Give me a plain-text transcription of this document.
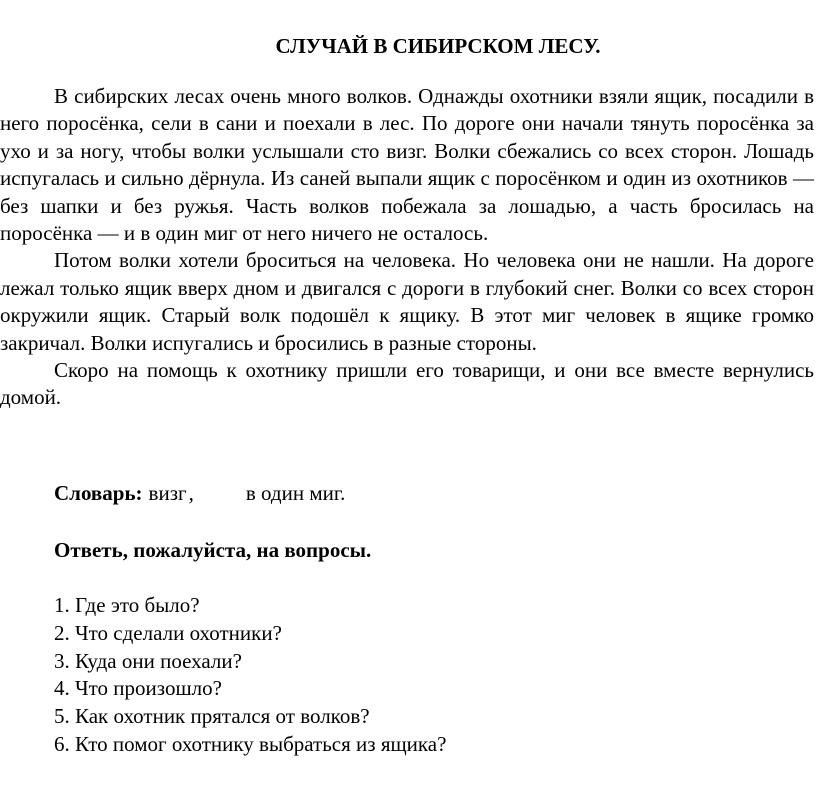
СЛУЧАЙ В СИБИРСКОМ ЛЕСУ.

В сибирских лесах очень много волков. Однажды охотники взяли ящик, посадили в него поросёнка, сели в сани и поехали в лес. По дороге они начали тянуть поросёнка за ухо и за ногу, чтобы волки услышали сто визг. Волки сбежались со всех сторон. Лошадь испугалась и сильно дёрнула. Из саней выпали ящик с поросёнком и один из охотников — без шапки и без ружья. Часть волков побежала за лошадью, а часть бросилась на поросёнка — и в один миг от него ничего не осталось.

Потом волки хотели броситься на человека. Но человека они не нашли. На дороге лежал только ящик вверх дном и двигался с дороги в глубокий снег. Волки со всех сторон окружили ящик. Старый волк подошёл к ящику. В этот миг человек в ящике громко закричал. Волки испугались и бросились в разные стороны.

Скоро на помощь к охотнику пришли его товарищи, и они все вместе вернулись домой.

Словарь: визг, в один миг.
Ответь, пожалуйста, на вопросы.
1. Где это было?
2. Что сделали охотники?
3. Куда они поехали?
4. Что произошло?
5. Как охотник прятался от волков?
6. Кто помог охотнику выбраться из ящика?
